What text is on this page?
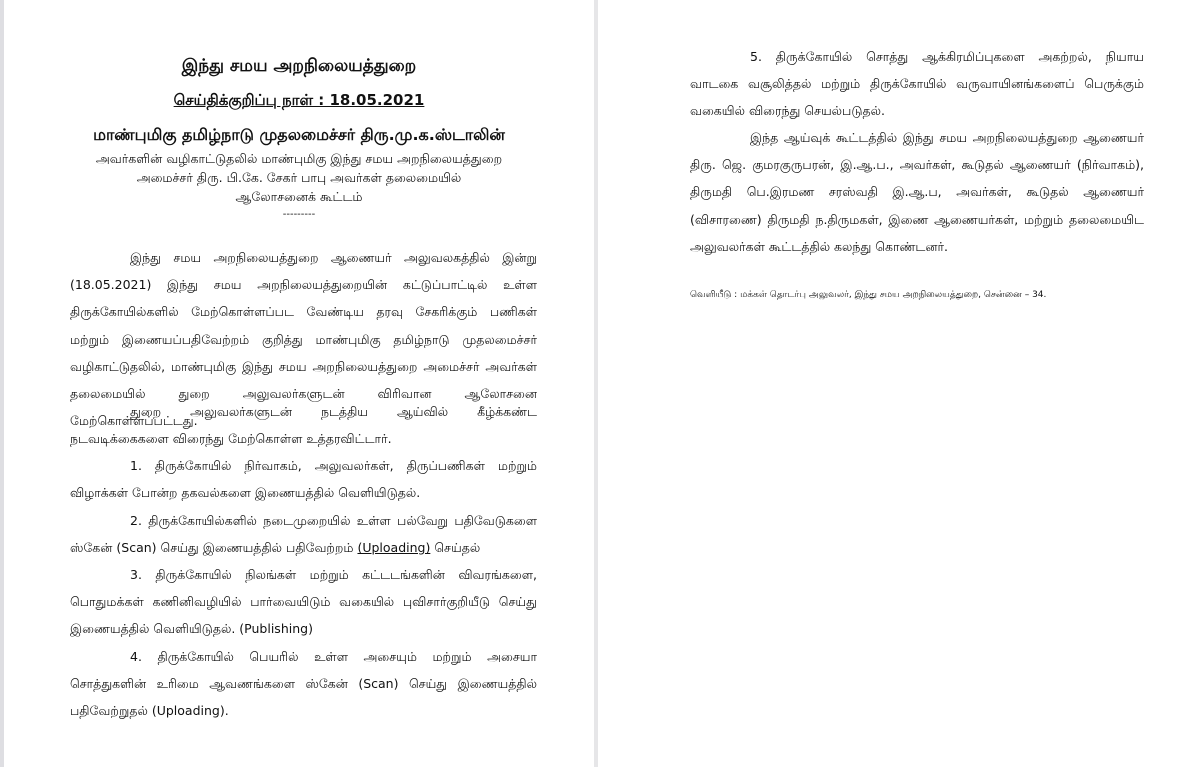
இந்து சமய அறநிலையத்துறை
செய்திக்குறிப்பு நாள் : 18.05.2021
மாண்புமிகு தமிழ்நாடு முதலமைச்சர் திரு.மு.க.ஸ்டாலின்
அவர்களின் வழிகாட்டுதலில் மாண்புமிகு இந்து சமய அறநிலையத்துறை
அமைச்சர் திரு. பி.கே. சேகர் பாபு அவர்கள் தலைமையில்
ஆலோசனைக் கூட்டம்
---------

இந்து சமய அறநிலையத்துறை ஆணையர் அலுவலகத்தில் இன்று (18.05.2021) இந்து சமய அறநிலையத்துறையின் கட்டுப்பாட்டில் உள்ள திருக்கோயில்களில் மேற்கொள்ளப்பட வேண்டிய தரவு சேகரிக்கும் பணிகள் மற்றும் இணையப்பதிவேற்றம் குறித்து மாண்புமிகு தமிழ்நாடு முதலமைச்சர் வழிகாட்டுதலில், மாண்புமிகு இந்து சமய அறநிலையத்துறை அமைச்சர் அவர்கள் தலைமையில் துறை அலுவலர்களுடன் விரிவான ஆலோசனை மேற்கொள்ளப்பட்டது.

துறை அலுவலர்களுடன் நடத்திய ஆய்வில் கீழ்க்கண்ட நடவடிக்கைகளை விரைந்து மேற்கொள்ள உத்தரவிட்டார்.

1. திருக்கோயில் நிர்வாகம், அலுவலர்கள், திருப்பணிகள் மற்றும் விழாக்கள் போன்ற தகவல்களை இணையத்தில் வெளியிடுதல்.

2. திருக்கோயில்களில் நடைமுறையில் உள்ள பல்வேறு பதிவேடுகளை ஸ்கேன் (Scan) செய்து இணையத்தில் பதிவேற்றம் (Uploading) செய்தல்

3. திருக்கோயில் நிலங்கள் மற்றும் கட்டடங்களின் விவரங்களை, பொதுமக்கள் கணினிவழியில் பார்வையிடும் வகையில் புவிசார்குறியீடு செய்து இணையத்தில் வெளியிடுதல். (Publishing)

4. திருக்கோயில் பெயரில் உள்ள அசையும் மற்றும் அசையா சொத்துகளின் உரிமை ஆவணங்களை ஸ்கேன் (Scan) செய்து இணையத்தில் பதிவேற்றுதல் (Uploading).

5. திருக்கோயில் சொத்து ஆக்கிரமிப்புகளை அகற்றல், நியாய வாடகை வசூலித்தல் மற்றும் திருக்கோயில் வருவாயினங்களைப் பெருக்கும் வகையில் விரைந்து செயல்படுதல்.

இந்த ஆய்வுக் கூட்டத்தில் இந்து சமய அறநிலையத்துறை ஆணையர் திரு. ஜெ. குமரகுருபரன், இ.ஆ.ப., அவர்கள், கூடுதல் ஆணையர் (நிர்வாகம்), திருமதி பெ.இரமண சரஸ்வதி இ.ஆ.ப, அவர்கள், கூடுதல் ஆணையர் (விசாரணை) திருமதி ந.திருமகள், இணை ஆணையர்கள், மற்றும் தலைமையிட அலுவலர்கள் கூட்டத்தில் கலந்து கொண்டனர்.

வெளியீடு : மக்கள் தொடர்பு அலுவலர், இந்து சமய அறநிலையத்துறை, சென்னை – 34.
